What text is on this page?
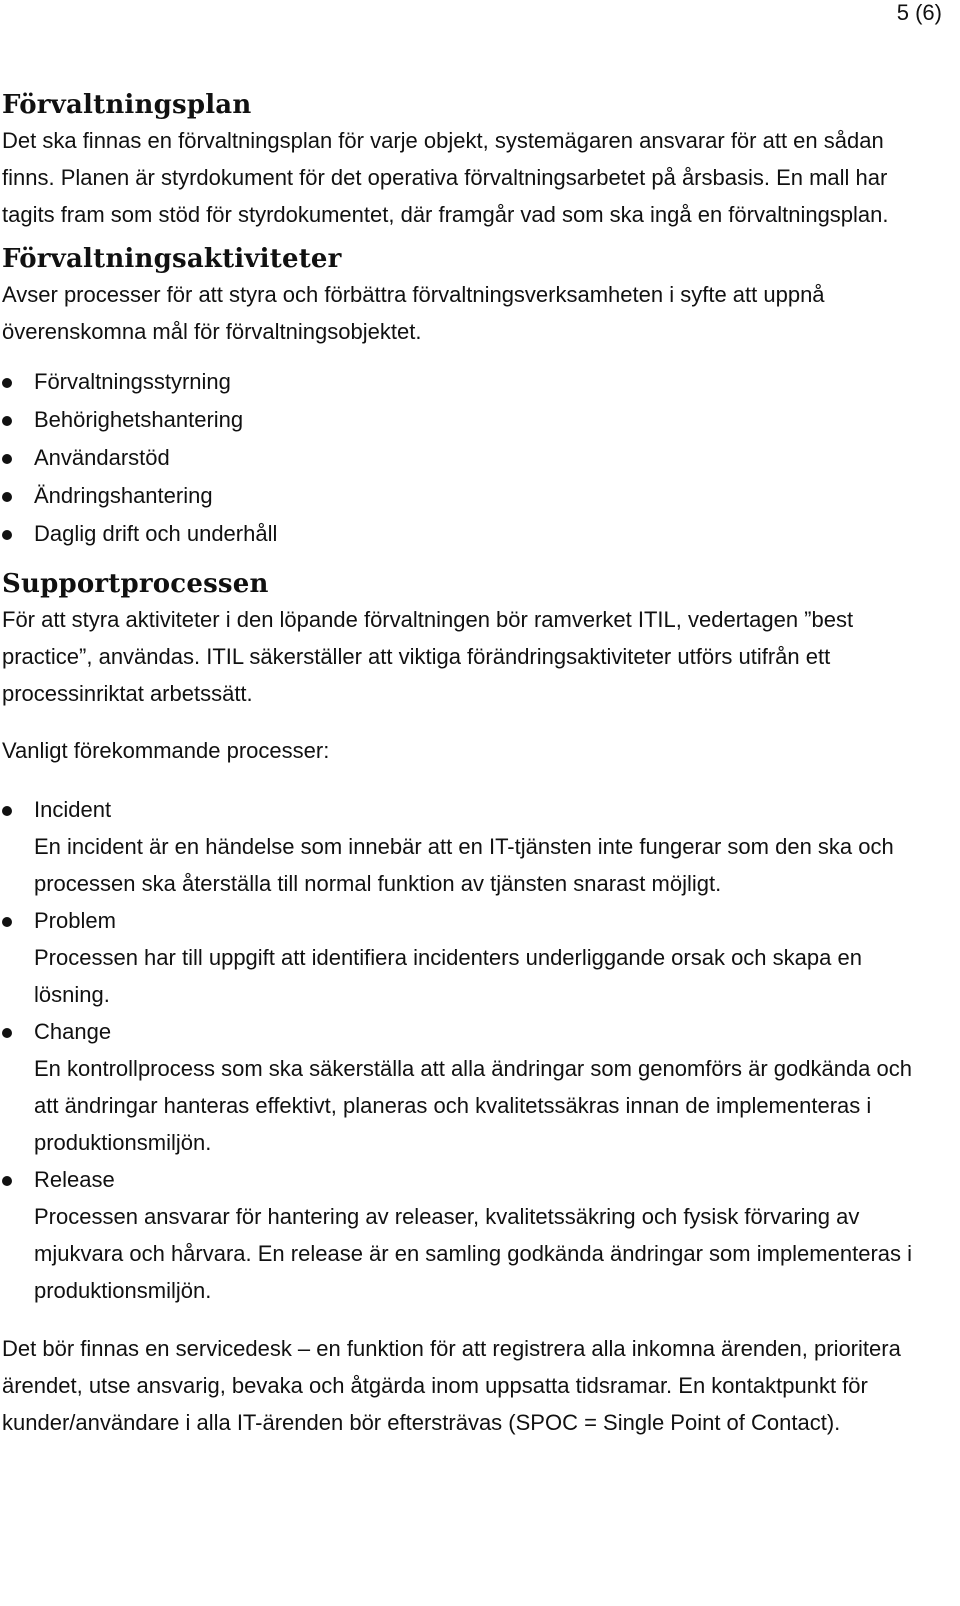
5 (6)
Förvaltningsplan

Det ska finnas en förvaltningsplan för varje objekt, systemägaren ansvarar för att en sådan finns. Planen är styrdokument för det operativa förvaltningsarbetet på årsbasis. En mall har tagits fram som stöd för styrdokumentet, där framgår vad som ska ingå en förvaltningsplan.

Förvaltningsaktiviteter

Avser processer för att styra och förbättra förvaltningsverksamheten i syfte att uppnå överenskomna mål för förvaltningsobjektet.

Förvaltningsstyrning
Behörighetshantering
Användarstöd
Ändringshantering
Daglig drift och underhåll
Supportprocessen

För att styra aktiviteter i den löpande förvaltningen bör ramverket ITIL, vedertagen ”best practice”, användas. ITIL säkerställer att viktiga förändringsaktiviteter utförs utifrån ett processinriktat arbetssätt.

Vanligt förekommande processer:

Incident
En incident är en händelse som innebär att en IT-tjänsten inte fungerar som den ska och processen ska återställa till normal funktion av tjänsten snarast möjligt.
Problem
Processen har till uppgift att identifiera incidenters underliggande orsak och skapa en lösning.
Change
En kontrollprocess som ska säkerställa att alla ändringar som genomförs är godkända och att ändringar hanteras effektivt, planeras och kvalitetssäkras innan de implementeras i produktionsmiljön.
Release
Processen ansvarar för hantering av releaser, kvalitetssäkring och fysisk förvaring av mjukvara och hårvara. En release är en samling godkända ändringar som implementeras i produktionsmiljön.

Det bör finnas en servicedesk – en funktion för att registrera alla inkomna ärenden, prioritera ärendet, utse ansvarig, bevaka och åtgärda inom uppsatta tidsramar. En kontaktpunkt för kunder/användare i alla IT-ärenden bör eftersträvas (SPOC = Single Point of Contact).
